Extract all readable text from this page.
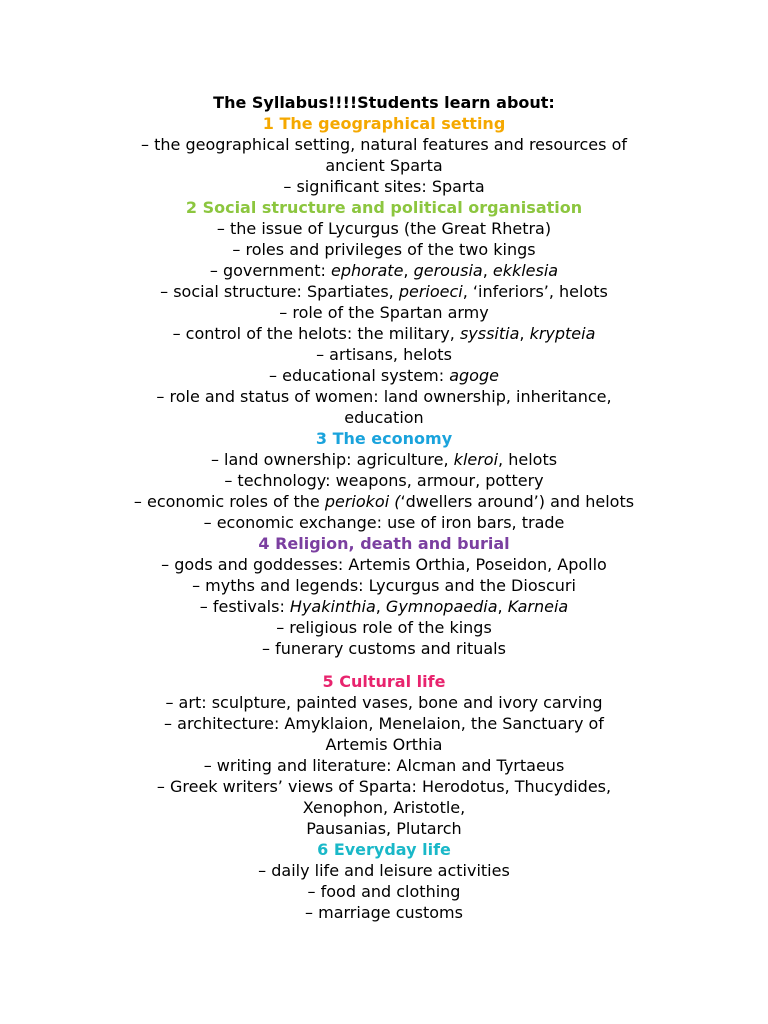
The Syllabus!!!!Students learn about:
1 The geographical setting
– the geographical setting, natural features and resources of
ancient Sparta
– significant sites: Sparta
2 Social structure and political organisation
– the issue of Lycurgus (the Great Rhetra)
– roles and privileges of the two kings
– government: ephorate, gerousia, ekklesia
– social structure: Spartiates, perioeci, ‘inferiors’, helots
– role of the Spartan army
– control of the helots: the military, syssitia, krypteia
– artisans, helots
– educational system: agoge
– role and status of women: land ownership, inheritance,
education
3 The economy
– land ownership: agriculture, kleroi, helots
– technology: weapons, armour, pottery
– economic roles of the periokoi (‘dwellers around’) and helots
– economic exchange: use of iron bars, trade
4 Religion, death and burial
– gods and goddesses: Artemis Orthia, Poseidon, Apollo
– myths and legends: Lycurgus and the Dioscuri
– festivals: Hyakinthia, Gymnopaedia, Karneia
– religious role of the kings
– funerary customs and rituals
5 Cultural life
– art: sculpture, painted vases, bone and ivory carving
– architecture: Amyklaion, Menelaion, the Sanctuary of
Artemis Orthia
– writing and literature: Alcman and Tyrtaeus
– Greek writers’ views of Sparta: Herodotus, Thucydides,
Xenophon, Aristotle,
Pausanias, Plutarch
6 Everyday life
– daily life and leisure activities
– food and clothing
– marriage customs
